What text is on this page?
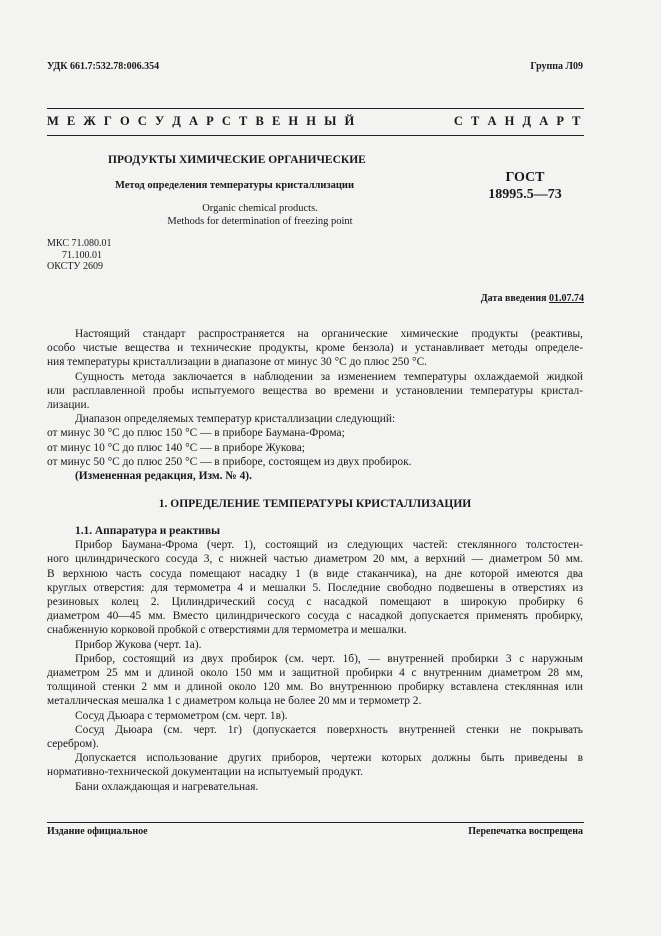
УДК 661.7:532.78:006.354	Группа Л09
М Е Ж Г О С У Д А Р С Т В Е Н Н Ы Й	С Т А Н Д А Р Т
ПРОДУКТЫ ХИМИЧЕСКИЕ ОРГАНИЧЕСКИЕ
Метод определения температуры кристаллизации
Organic chemical products.
Methods for determination of freezing point
ГОСТ
18995.5—73
МКС 71.080.01
71.100.01
ОКСТУ 2609
Дата введения 01.07.74
Настоящий стандарт распространяется на органические химические продукты (реактивы,
особо чистые вещества и технические продукты, кроме бензола) и устанавливает методы определе-
ния температуры кристаллизации в диапазоне от минус 30 °С до плюс 250 °С.
Сущность метода заключается в наблюдении за изменением температуры охлаждаемой жидкой
или расплавленной пробы испытуемого вещества во времени и установлении температуры кристал-
лизации.
Диапазон определяемых температур кристаллизации следующий:
от минус 30 °С до плюс 150 °С — в приборе Баумана-Фрома;
от минус 10 °С до плюс 140 °С — в приборе Жукова;
от минус 50 °С до плюс 250 °С — в приборе, состоящем из двух пробирок.
(Измененная редакция, Изм. № 4).
1. ОПРЕДЕЛЕНИЕ ТЕМПЕРАТУРЫ КРИСТАЛЛИЗАЦИИ
1.1. Аппаратура и реактивы
Прибор Баумана-Фрома (черт. 1), состоящий из следующих частей: стеклянного толстостен-
ного цилиндрического сосуда 3, с нижней частью диаметром 20 мм, а верхний — диаметром 50 мм.
В верхнюю часть сосуда помещают насадку 1 (в виде стаканчика), на дне которой имеются два
круглых отверстия: для термометра 4 и мешалки 5. Последние свободно подвешены в отверстиях из
резиновых колец 2. Цилиндрический сосуд с насадкой помещают в широкую пробирку 6
диаметром 40—45 мм. Вместо цилиндрического сосуда с насадкой допускается применять пробирку,
снабженную корковой пробкой с отверстиями для термометра и мешалки.
Прибор Жукова (черт. 1а).
Прибор, состоящий из двух пробирок (см. черт. 1б), — внутренней пробирки 3 с наружным
диаметром 25 мм и длиной около 150 мм и защитной пробирки 4 с внутренним диаметром 28 мм,
толщиной стенки 2 мм и длиной около 120 мм. Во внутреннюю пробирку вставлена стеклянная или
металлическая мешалка 1 с диаметром кольца не более 20 мм и термометр 2.
Сосуд Дьюара с термометром (см. черт. 1в).
Сосуд Дьюара (см. черт. 1г) (допускается поверхность внутренней стенки не покрывать
серебром).
Допускается использование других приборов, чертежи которых должны быть приведены в
нормативно-технической документации на испытуемый продукт.
Бани охлаждающая и нагревательная.
Издание официальное	Перепечатка воспрещена
